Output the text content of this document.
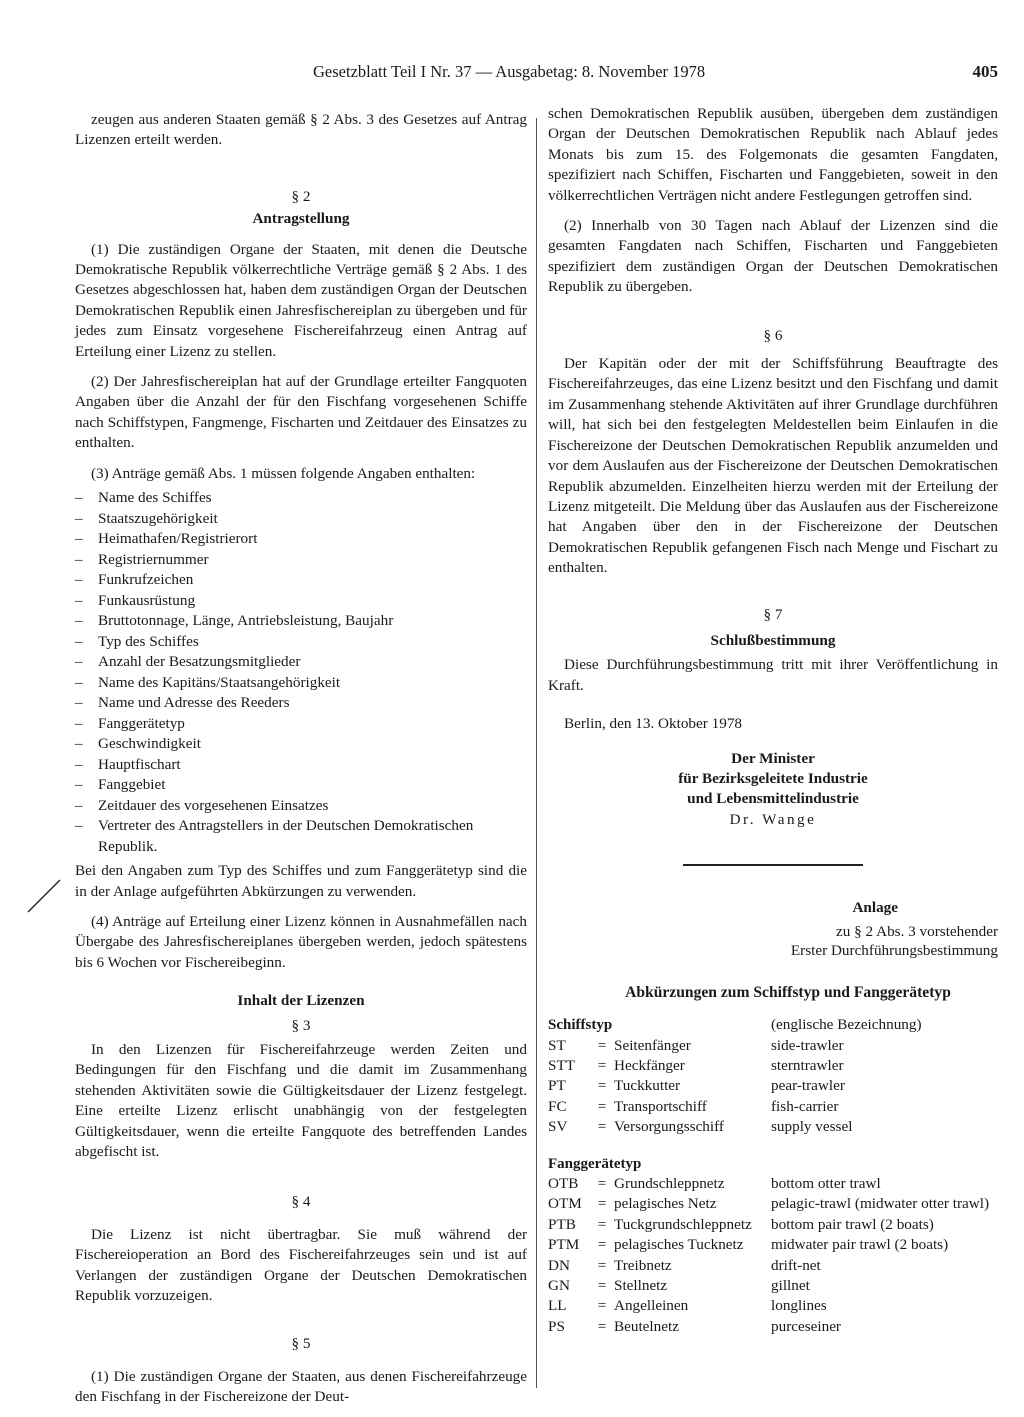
Gesetzblatt Teil I Nr. 37 — Ausgabetag: 8. November 1978	405

zeugen aus anderen Staaten gemäß § 2 Abs. 3 des Gesetzes auf Antrag Lizenzen erteilt werden.

§ 2
Antragstellung

(1) Die zuständigen Organe der Staaten, mit denen die Deutsche Demokratische Republik völkerrechtliche Verträge gemäß § 2 Abs. 1 des Gesetzes abgeschlossen hat, haben dem zuständigen Organ der Deutschen Demokratischen Republik einen Jahresfischereiplan zu übergeben und für jedes zum Einsatz vorgesehene Fischereifahrzeug einen Antrag auf Erteilung einer Lizenz zu stellen.

(2) Der Jahresfischereiplan hat auf der Grundlage erteilter Fangquoten Angaben über die Anzahl der für den Fischfang vorgesehenen Schiffe nach Schiffstypen, Fangmenge, Fischarten und Zeitdauer des Einsatzes zu enthalten.

(3) Anträge gemäß Abs. 1 müssen folgende Angaben enthalten:

– Name des Schiffes
– Staatszugehörigkeit
– Heimathafen/Registrierort
– Registriernummer
– Funkrufzeichen
– Funkausrüstung
– Bruttotonnage, Länge, Antriebsleistung, Baujahr
– Typ des Schiffes
– Anzahl der Besatzungsmitglieder
– Name des Kapitäns/Staatsangehörigkeit
– Name und Adresse des Reeders
– Fanggerätetyp
– Geschwindigkeit
– Hauptfischart
– Fanggebiet
– Zeitdauer des vorgesehenen Einsatzes
– Vertreter des Antragstellers in der Deutschen Demokratischen Republik.

Bei den Angaben zum Typ des Schiffes und zum Fanggerätetyp sind die in der Anlage aufgeführten Abkürzungen zu verwenden.

(4) Anträge auf Erteilung einer Lizenz können in Ausnahmefällen nach Übergabe des Jahresfischereiplanes übergeben werden, jedoch spätestens bis 6 Wochen vor Fischereibeginn.

Inhalt der Lizenzen
§ 3

In den Lizenzen für Fischereifahrzeuge werden Zeiten und Bedingungen für den Fischfang und die damit im Zusammenhang stehenden Aktivitäten sowie die Gültigkeitsdauer der Lizenz festgelegt. Eine erteilte Lizenz erlischt unabhängig von der festgelegten Gültigkeitsdauer, wenn die erteilte Fangquote des betreffenden Landes abgefischt ist.

§ 4

Die Lizenz ist nicht übertragbar. Sie muß während der Fischereioperation an Bord des Fischereifahrzeuges sein und ist auf Verlangen der zuständigen Organe der Deutschen Demokratischen Republik vorzuzeigen.

§ 5

(1) Die zuständigen Organe der Staaten, aus denen Fischereifahrzeuge den Fischfang in der Fischereizone der Deut-

schen Demokratischen Republik ausüben, übergeben dem zuständigen Organ der Deutschen Demokratischen Republik nach Ablauf jedes Monats bis zum 15. des Folgemonats die gesamten Fangdaten, spezifiziert nach Schiffen, Fischarten und Fanggebieten, soweit in den völkerrechtlichen Verträgen nicht andere Festlegungen getroffen sind.

(2) Innerhalb von 30 Tagen nach Ablauf der Lizenzen sind die gesamten Fangdaten nach Schiffen, Fischarten und Fanggebieten spezifiziert dem zuständigen Organ der Deutschen Demokratischen Republik zu übergeben.

§ 6

Der Kapitän oder der mit der Schiffsführung Beauftragte des Fischereifahrzeuges, das eine Lizenz besitzt und den Fischfang und damit im Zusammenhang stehende Aktivitäten auf ihrer Grundlage durchführen will, hat sich bei den festgelegten Meldestellen beim Einlaufen in die Fischereizone der Deutschen Demokratischen Republik anzumelden und vor dem Auslaufen aus der Fischereizone der Deutschen Demokratischen Republik abzumelden. Einzelheiten hierzu werden mit der Erteilung der Lizenz mitgeteilt. Die Meldung über das Auslaufen aus der Fischereizone hat Angaben über den in der Fischereizone der Deutschen Demokratischen Republik gefangenen Fisch nach Menge und Fischart zu enthalten.

§ 7
Schlußbestimmung

Diese Durchführungsbestimmung tritt mit ihrer Veröffentlichung in Kraft.

Berlin, den 13. Oktober 1978

Der Minister
für Bezirksgeleitete Industrie
und Lebensmittelindustrie
Dr. Wange
Anlage
zu § 2 Abs. 3 vorstehender
Erster Durchführungsbestimmung
Abkürzungen zum Schiffstyp und Fanggerätetyp
Schiffstyp			(englische Bezeichnung)
ST	=	Seitenfänger	side-trawler
STT	=	Heckfänger	sterntrawler
PT	=	Tuckkutter	pear-trawler
FC	=	Transportschiff	fish-carrier
SV	=	Versorgungsschiff	supply vessel
Fanggerätetyp			
OTB	=	Grundschleppnetz	bottom otter trawl
OTM	=	pelagisches Netz	pelagic-trawl (midwater otter trawl)
PTB	=	Tuckgrundschleppnetz	bottom pair trawl (2 boats)
PTM	=	pelagisches Tucknetz	midwater pair trawl (2 boats)
DN	=	Treibnetz	drift-net
GN	=	Stellnetz	gillnet
LL	=	Angelleinen	longlines
PS	=	Beutelnetz	purceseiner
